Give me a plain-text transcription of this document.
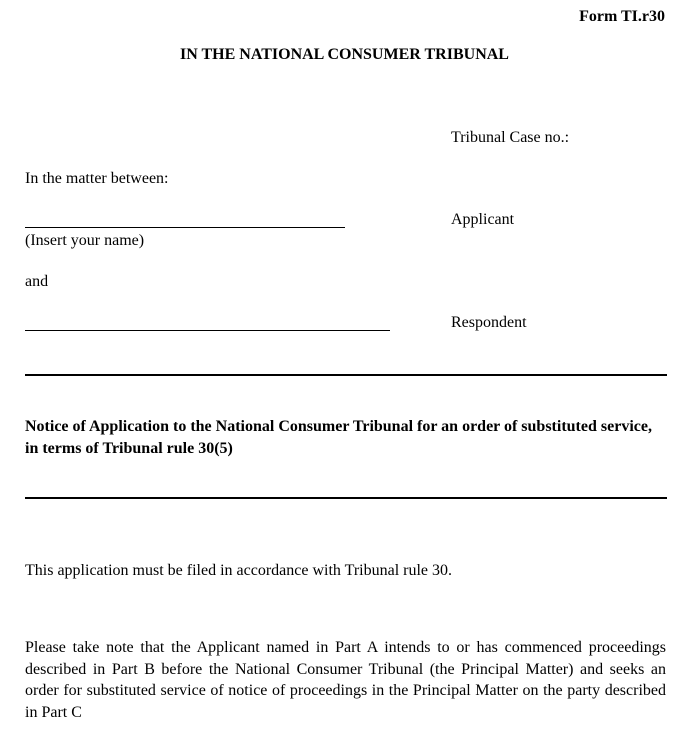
Form TI.r30
IN THE NATIONAL CONSUMER TRIBUNAL
Tribunal Case no.:
In the matter between:
(Insert your name)
Applicant
and
Respondent
Notice of Application to the National Consumer Tribunal for an order of substituted service, in terms of Tribunal rule 30(5)
This application must be filed in accordance with Tribunal rule 30.
Please take note that the Applicant named in Part A intends to or has commenced proceedings described in Part B before the National Consumer Tribunal (the Principal Matter) and seeks an order for substituted service of notice of proceedings in the Principal Matter on the party described in Part C
